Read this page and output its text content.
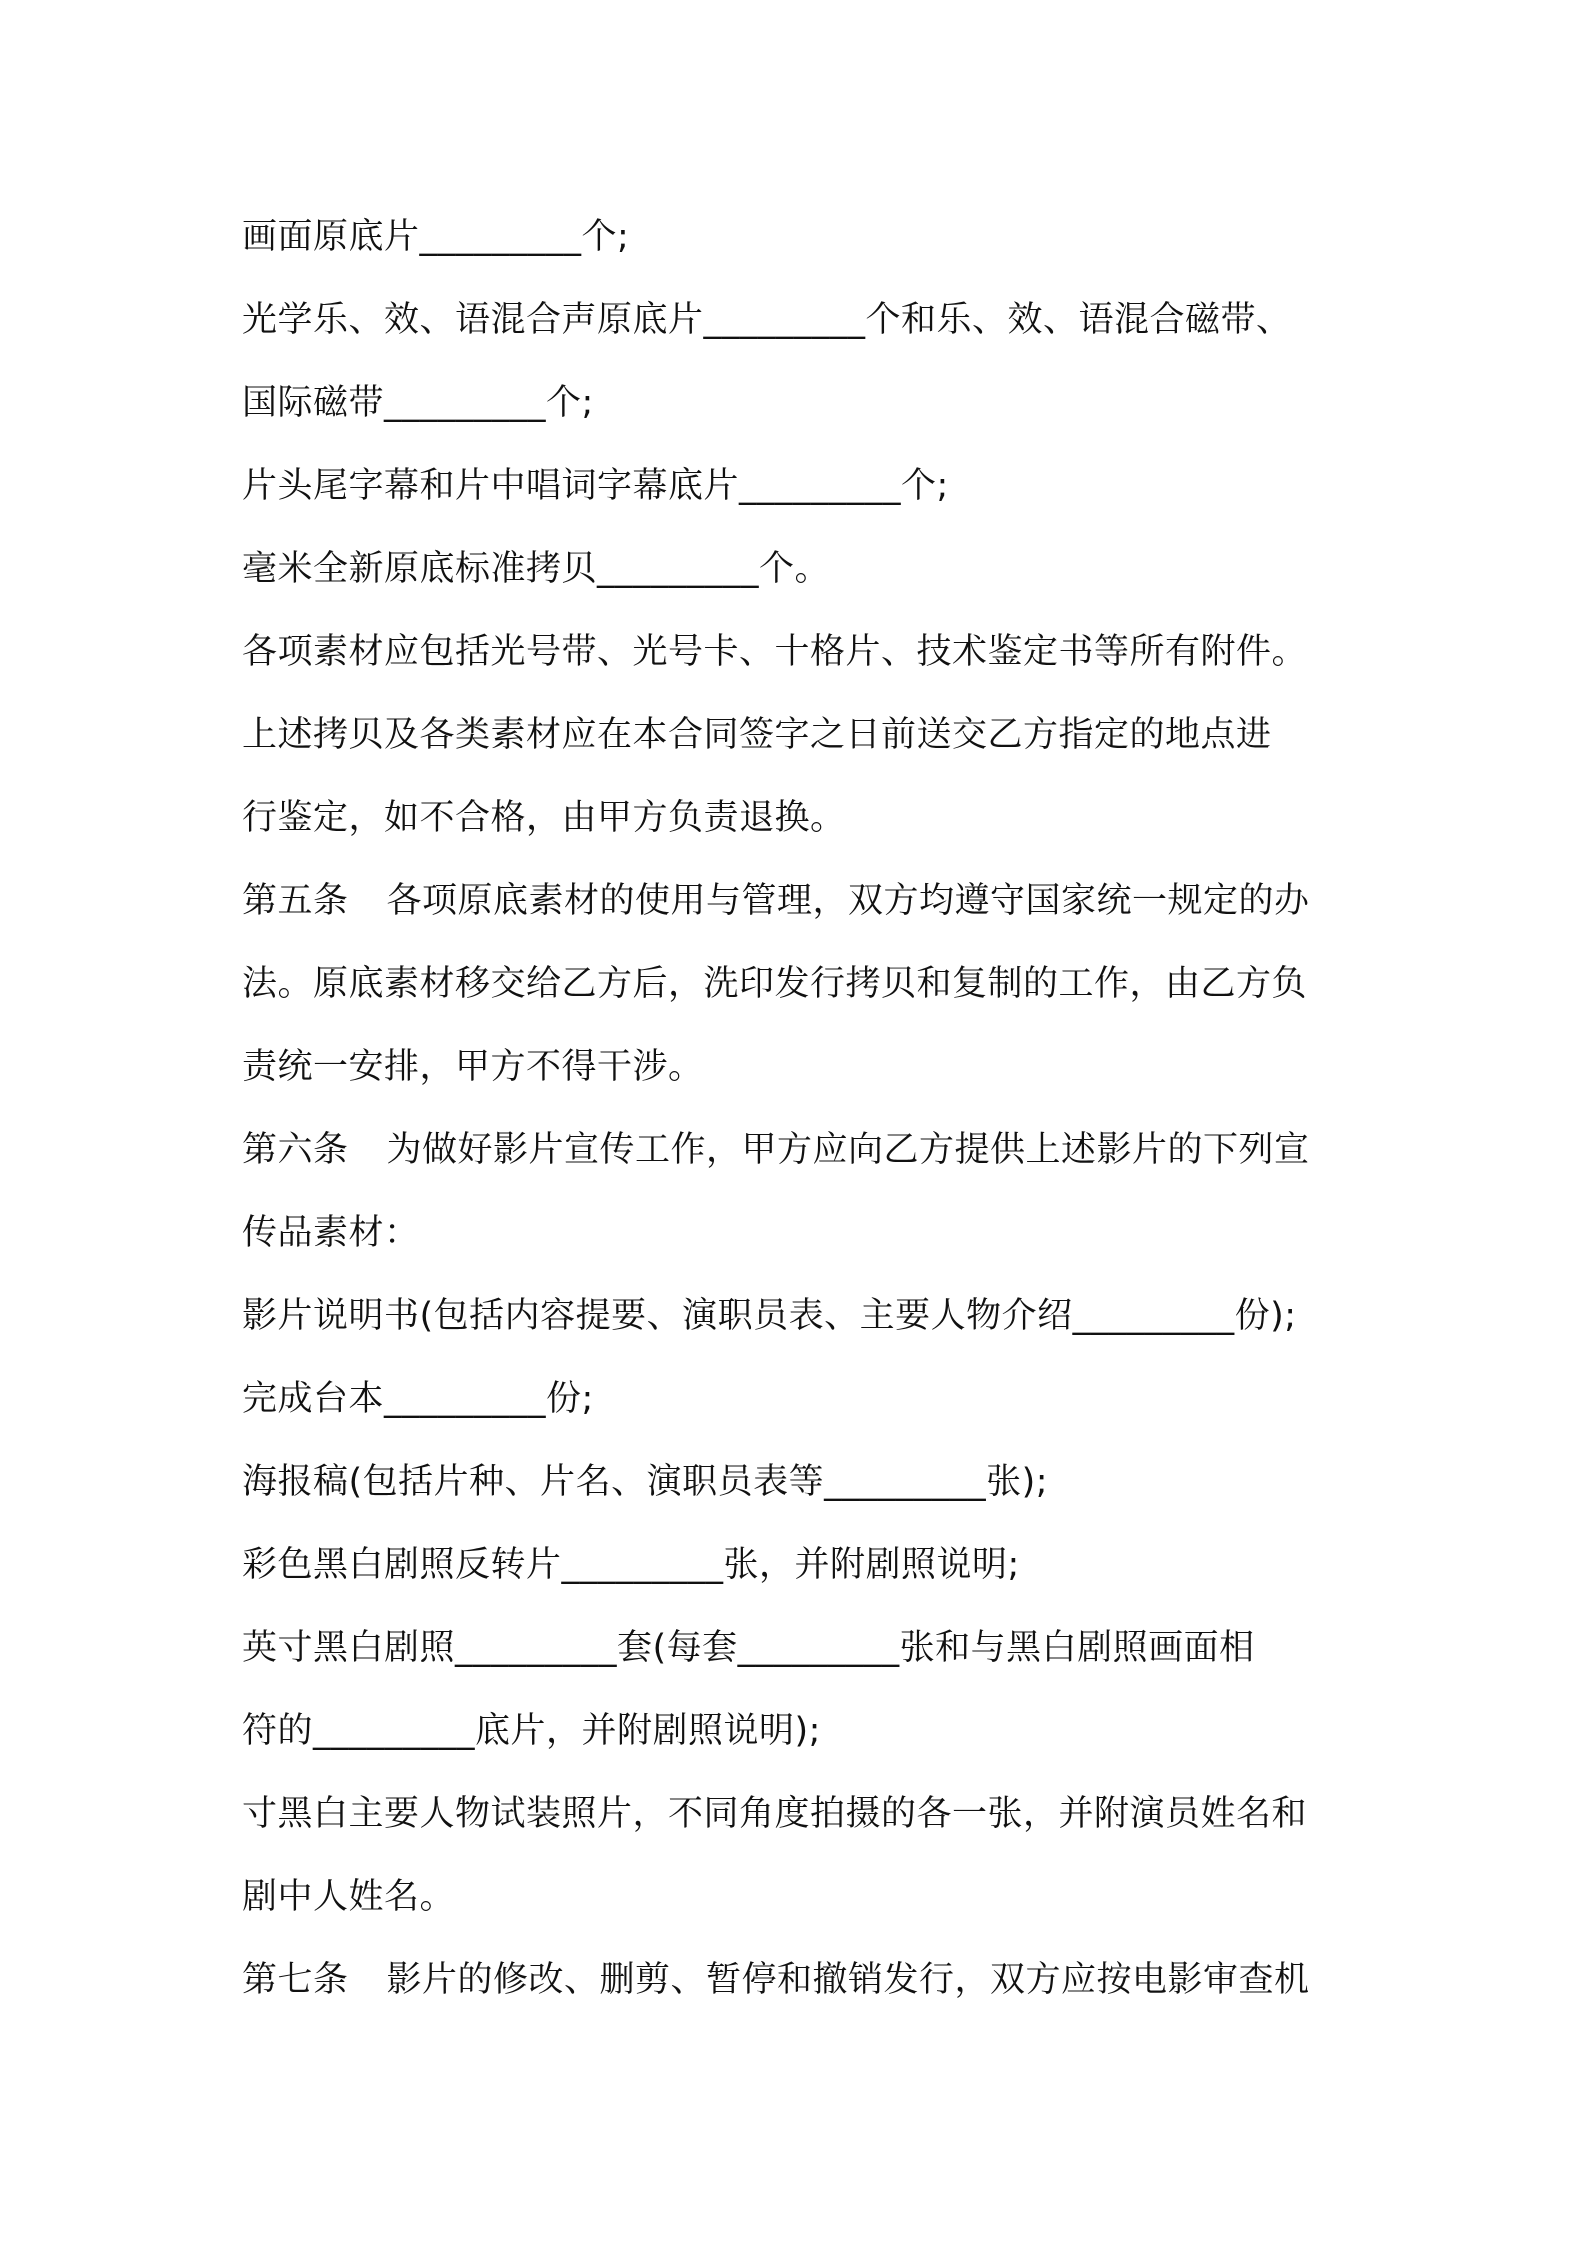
画面原底片_________个;
光学乐、效、语混合声原底片_________个和乐、效、语混合磁带、
国际磁带_________个;
片头尾字幕和片中唱词字幕底片_________个;
毫米全新原底标准拷贝_________个。
各项素材应包括光号带、光号卡、十格片、技术鉴定书等所有附件。
上述拷贝及各类素材应在本合同签字之日前送交乙方指定的地点进
行鉴定，如不合格，由甲方负责退换。
第五条 各项原底素材的使用与管理，双方均遵守国家统一规定的办
法。原底素材移交给乙方后，洗印发行拷贝和复制的工作，由乙方负
责统一安排，甲方不得干涉。
第六条 为做好影片宣传工作，甲方应向乙方提供上述影片的下列宣
传品素材：
影片说明书(包括内容提要、演职员表、主要人物介绍_________份);
完成台本_________份;
海报稿(包括片种、片名、演职员表等_________张);
彩色黑白剧照反转片_________张，并附剧照说明;
英寸黑白剧照_________套(每套_________张和与黑白剧照画面相
符的_________底片，并附剧照说明);
寸黑白主要人物试装照片，不同角度拍摄的各一张，并附演员姓名和
剧中人姓名。
第七条 影片的修改、删剪、暂停和撤销发行，双方应按电影审查机
